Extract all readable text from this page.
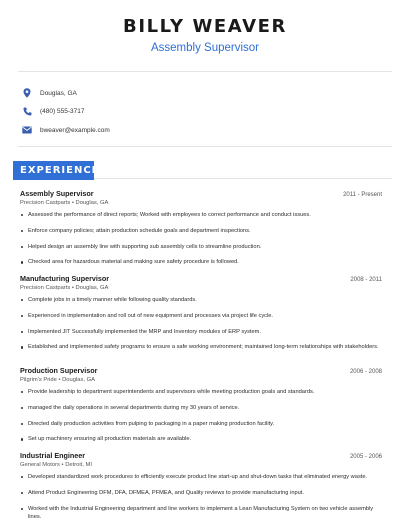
BILLY WEAVER
Assembly Supervisor
Douglas, GA
(480) 555-3717
bweaver@example.com
EXPERIENCE
Assembly Supervisor	2011 - Present
Precision Castparts • Douglas, GA
Assessed the performance of direct reports; Worked with employees to correct performance and conduct issues.
Enforce company policies; attain production schedule goals and department inspections.
Helped design an assembly line with supporting sub assembly cells to streamline production.
Checked area for hazardous material and making sure safety procedure is followed.
Manufacturing Supervisor	2008 - 2011
Precision Castparts • Douglas, GA
Complete jobs in a timely manner while following quality standards.
Experienced in implementation and roll out of new equipment and processes via project life cycle.
Implemented JIT Successfully implemented the MRP and Inventory modules of ERP system.
Established and implemented safety programs to ensure a safe working environment; maintained long-term relationships with stakeholders.
Production Supervisor	2006 - 2008
Pilgrim's Pride • Douglas, GA
Provide leadership to department superintendents and supervisors while meeting production goals and standards.
managed the daily operations in several departments during my 30 years of service.
Directed daily production activities from pulping to packaging in a paper making production facility.
Set up machinery ensuring all production materials are available.
Industrial Engineer	2005 - 2006
General Motors • Detroit, MI
Developed standardized work procedures to efficiently execute product line start-up and shut-down tasks that eliminated energy waste.
Attend Product Engineering DFM, DFA, DFMEA, PFMEA, and Quality reviews to provide manufacturing input.
Worked with the Industrial Engineering department and line workers to implement a Lean Manufacturing System on two vehicle assembly lines.
